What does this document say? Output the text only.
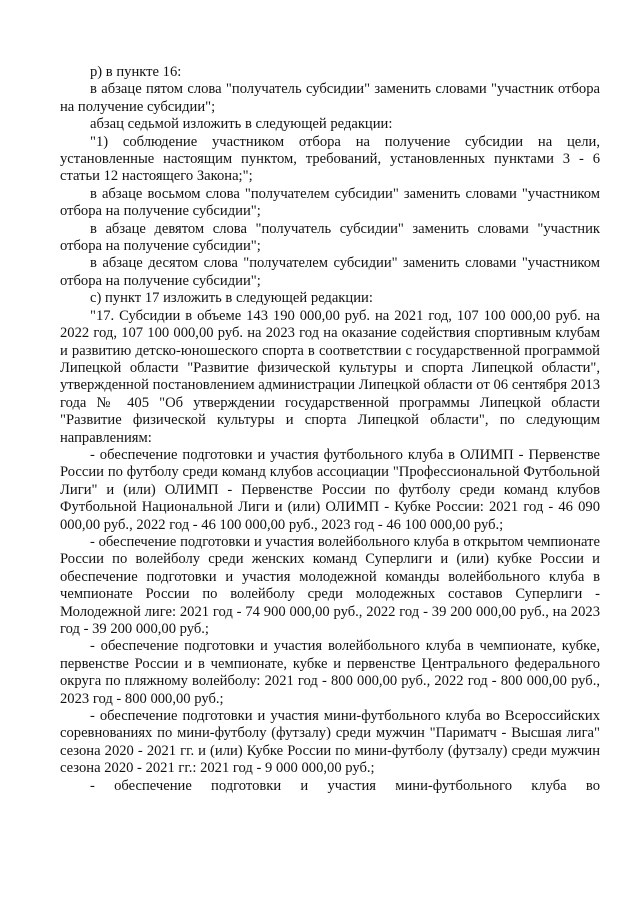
р) в пункте 16:

в абзаце пятом слова "получатель субсидии" заменить словами "участник отбора на получение субсидии";

абзац седьмой изложить в следующей редакции:

"1) соблюдение участником отбора на получение субсидии на цели, установленные настоящим пунктом, требований, установленных пунктами 3 - 6 статьи 12 настоящего Закона;";

в абзаце восьмом слова "получателем субсидии" заменить словами "участником отбора на получение субсидии";

в абзаце девятом слова "получатель субсидии" заменить словами "участник отбора на получение субсидии";

в абзаце десятом слова "получателем субсидии" заменить словами "участником отбора на получение субсидии";

с) пункт 17 изложить в следующей редакции:

"17. Субсидии в объеме 143 190 000,00 руб. на 2021 год, 107 100 000,00 руб. на 2022 год, 107 100 000,00 руб. на 2023 год на оказание содействия спортивным клубам и развитию детско-юношеского спорта в соответствии с государственной программой Липецкой области "Развитие физической культуры и спорта Липецкой области", утвержденной постановлением администрации Липецкой области от 06 сентября 2013 года № 405 "Об утверждении государственной программы Липецкой области "Развитие физической культуры и спорта Липецкой области", по следующим направлениям:

- обеспечение подготовки и участия футбольного клуба в ОЛИМП - Первенстве России по футболу среди команд клубов ассоциации "Профессиональной Футбольной Лиги" и (или) ОЛИМП - Первенстве России по футболу среди команд клубов Футбольной Национальной Лиги и (или) ОЛИМП - Кубке России: 2021 год - 46 090 000,00 руб., 2022 год - 46 100 000,00 руб., 2023 год - 46 100 000,00 руб.;

- обеспечение подготовки и участия волейбольного клуба в открытом чемпионате России по волейболу среди женских команд Суперлиги и (или) кубке России и обеспечение подготовки и участия молодежной команды волейбольного клуба в чемпионате России по волейболу среди молодежных составов Суперлиги - Молодежной лиге: 2021 год - 74 900 000,00 руб., 2022 год - 39 200 000,00 руб., на 2023 год - 39 200 000,00 руб.;

- обеспечение подготовки и участия волейбольного клуба в чемпионате, кубке, первенстве России и в чемпионате, кубке и первенстве Центрального федерального округа по пляжному волейболу: 2021 год - 800 000,00 руб., 2022 год - 800 000,00 руб., 2023 год - 800 000,00 руб.;

- обеспечение подготовки и участия мини-футбольного клуба во Всероссийских соревнованиях по мини-футболу (футзалу) среди мужчин "Париматч - Высшая лига" сезона 2020 - 2021 гг. и (или) Кубке России по мини-футболу (футзалу) среди мужчин сезона 2020 - 2021 гг.: 2021 год - 9 000 000,00 руб.;

- обеспечение подготовки и участия мини-футбольного клуба во
